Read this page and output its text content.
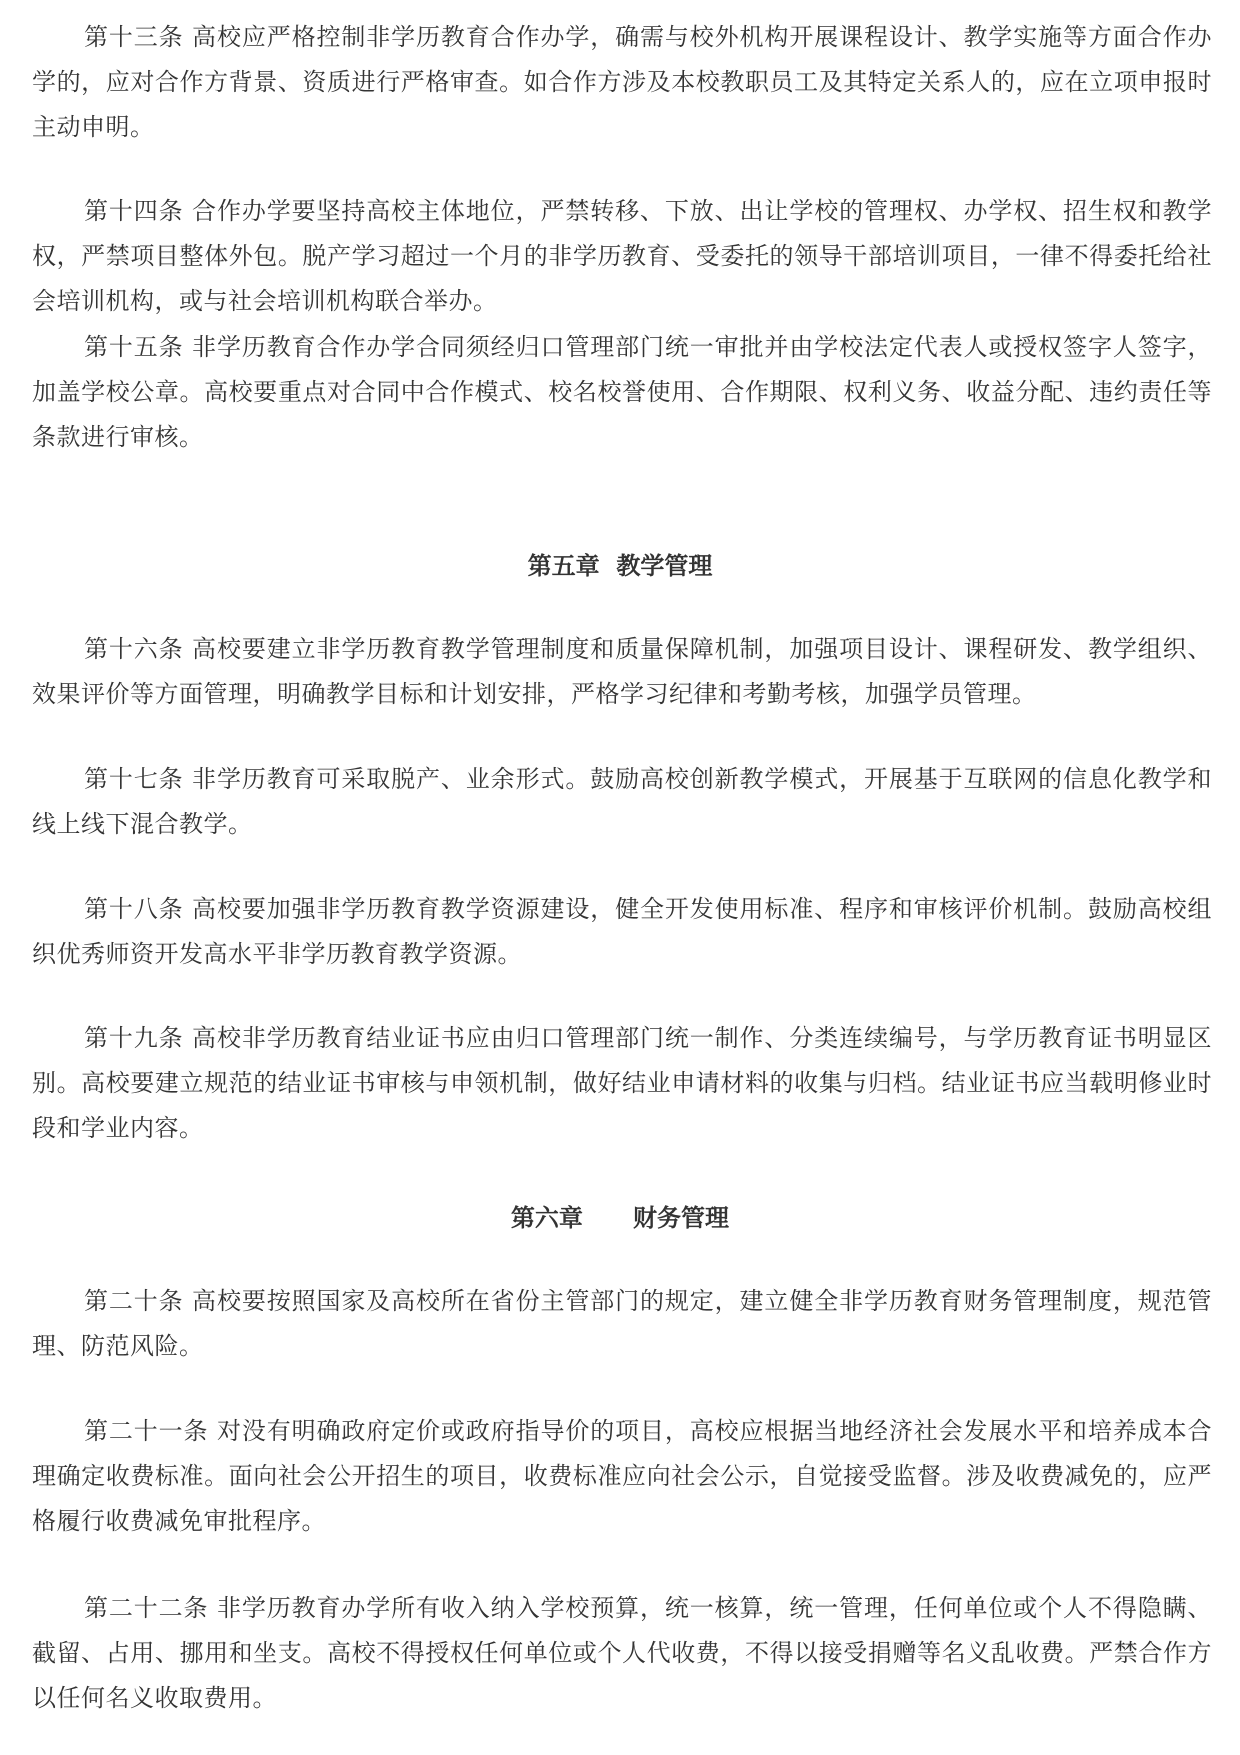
第十三条 高校应严格控制非学历教育合作办学，确需与校外机构开展课程设计、教学实施等方面合作办学的，应对合作方背景、资质进行严格审查。如合作方涉及本校教职员工及其特定关系人的，应在立项申报时主动申明。

第十四条 合作办学要坚持高校主体地位，严禁转移、下放、出让学校的管理权、办学权、招生权和教学权，严禁项目整体外包。脱产学习超过一个月的非学历教育、受委托的领导干部培训项目，一律不得委托给社会培训机构，或与社会培训机构联合举办。

第十五条 非学历教育合作办学合同须经归口管理部门统一审批并由学校法定代表人或授权签字人签字，加盖学校公章。高校要重点对合同中合作模式、校名校誉使用、合作期限、权利义务、收益分配、违约责任等条款进行审核。

第五章  教学管理

第十六条 高校要建立非学历教育教学管理制度和质量保障机制，加强项目设计、课程研发、教学组织、效果评价等方面管理，明确教学目标和计划安排，严格学习纪律和考勤考核，加强学员管理。

第十七条 非学历教育可采取脱产、业余形式。鼓励高校创新教学模式，开展基于互联网的信息化教学和线上线下混合教学。

第十八条 高校要加强非学历教育教学资源建设，健全开发使用标准、程序和审核评价机制。鼓励高校组织优秀师资开发高水平非学历教育教学资源。

第十九条 高校非学历教育结业证书应由归口管理部门统一制作、分类连续编号，与学历教育证书明显区别。高校要建立规范的结业证书审核与申领机制，做好结业申请材料的收集与归档。结业证书应当载明修业时段和学业内容。

第六章      财务管理

第二十条 高校要按照国家及高校所在省份主管部门的规定，建立健全非学历教育财务管理制度，规范管理、防范风险。

第二十一条 对没有明确政府定价或政府指导价的项目，高校应根据当地经济社会发展水平和培养成本合理确定收费标准。面向社会公开招生的项目，收费标准应向社会公示，自觉接受监督。涉及收费减免的，应严格履行收费减免审批程序。

第二十二条 非学历教育办学所有收入纳入学校预算，统一核算，统一管理，任何单位或个人不得隐瞒、截留、占用、挪用和坐支。高校不得授权任何单位或个人代收费，不得以接受捐赠等名义乱收费。严禁合作方以任何名义收取费用。
